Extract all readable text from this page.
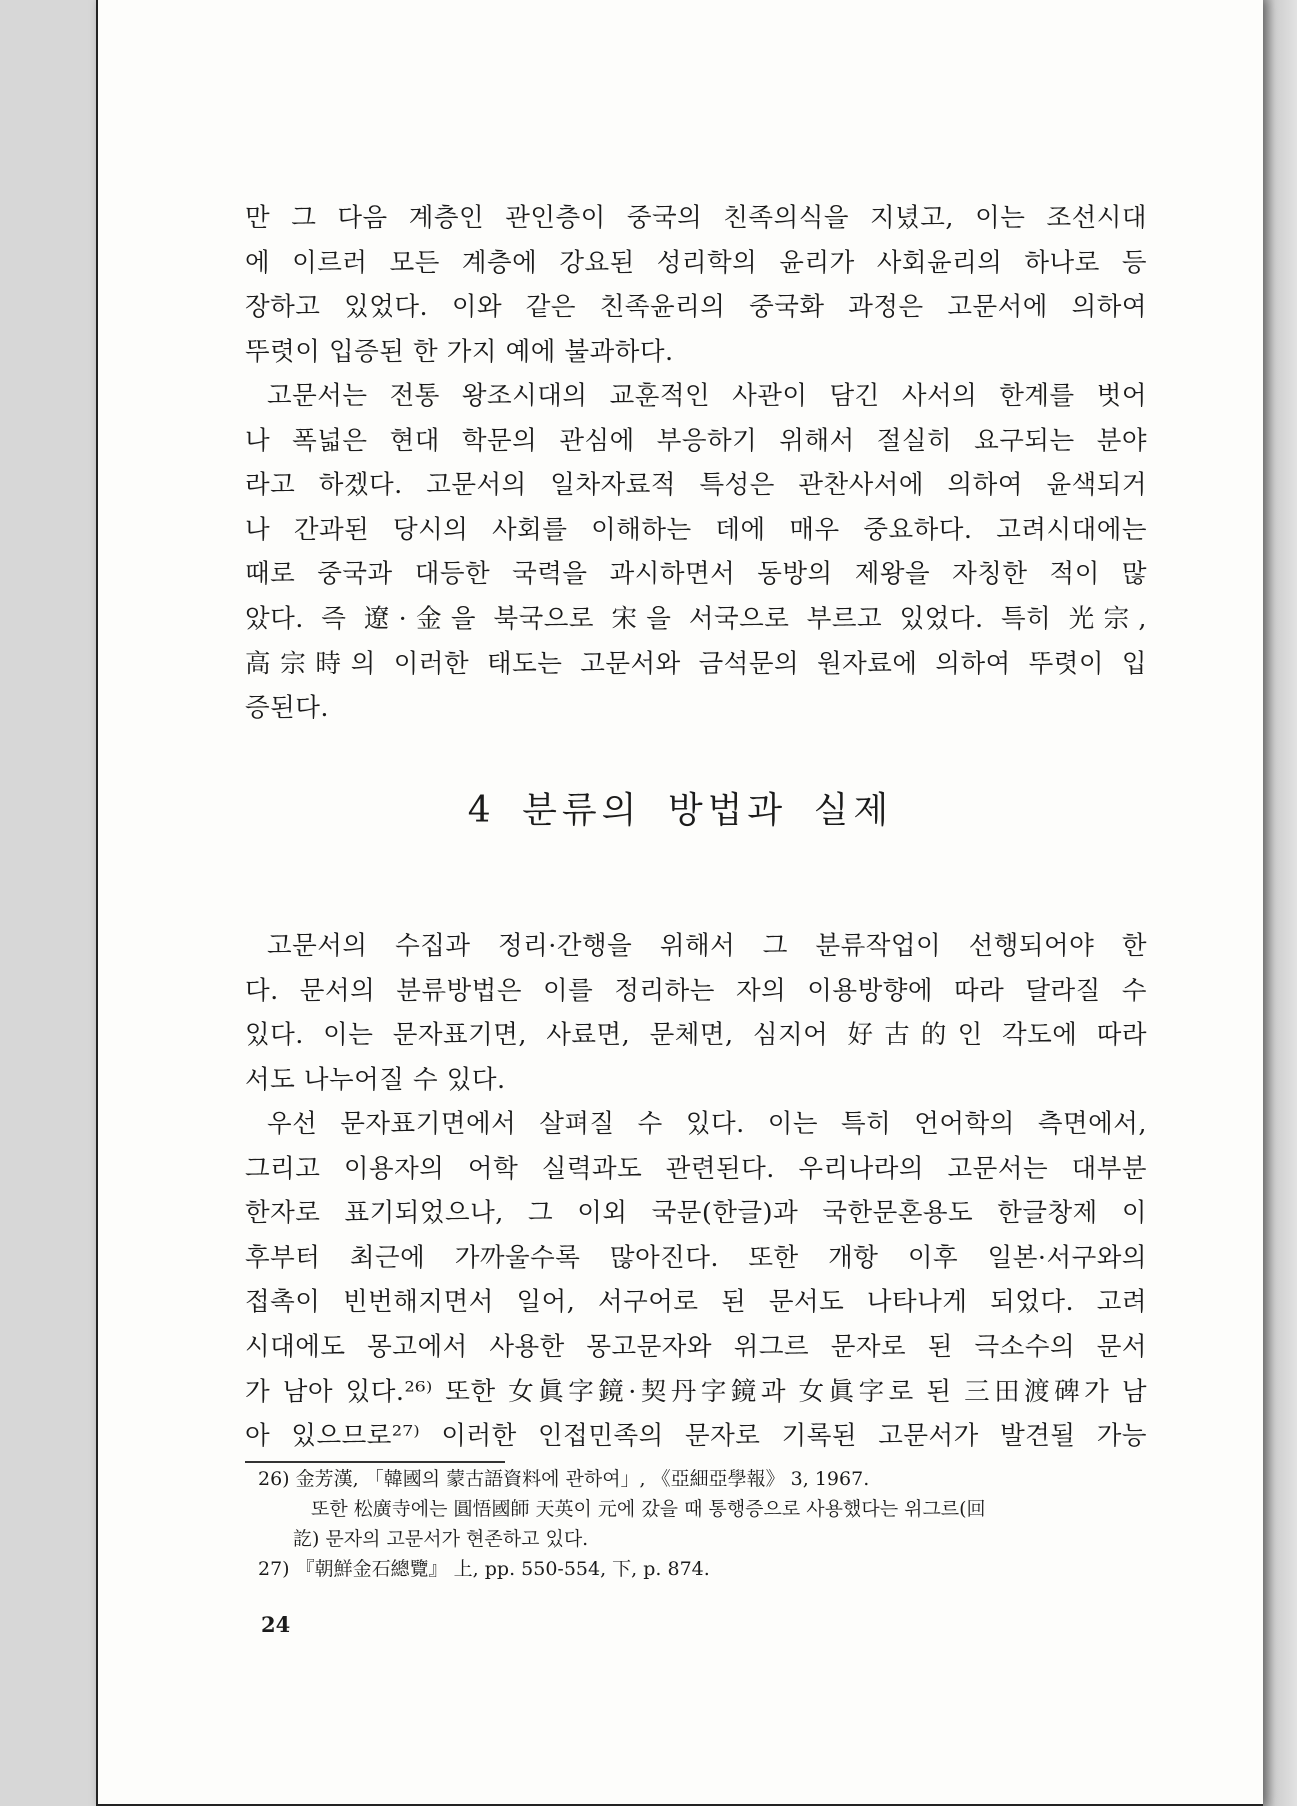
만 그 다음 계층인 관인층이 중국의 친족의식을 지녔고, 이는 조선시대
에 이르러 모든 계층에 강요된 성리학의 윤리가 사회윤리의 하나로 등
장하고 있었다. 이와 같은 친족윤리의 중국화 과정은 고문서에 의하여
뚜렷이 입증된 한 가지 예에 불과하다.
고문서는 전통 왕조시대의 교훈적인 사관이 담긴 사서의 한계를 벗어
나 폭넓은 현대 학문의 관심에 부응하기 위해서 절실히 요구되는 분야
라고 하겠다. 고문서의 일차자료적 특성은 관찬사서에 의하여 윤색되거
나 간과된 당시의 사회를 이해하는 데에 매우 중요하다. 고려시대에는
때로 중국과 대등한 국력을 과시하면서 동방의 제왕을 자칭한 적이 많
았다. 즉 遼·金을 북국으로 宋을 서국으로 부르고 있었다. 특히 光宗,
高宗時의 이러한 태도는 고문서와 금석문의 원자료에 의하여 뚜렷이 입
증된다.
4 분류의 방법과 실제
고문서의 수집과 정리·간행을 위해서 그 분류작업이 선행되어야 한
다. 문서의 분류방법은 이를 정리하는 자의 이용방향에 따라 달라질 수
있다. 이는 문자표기면, 사료면, 문체면, 심지어 好古的인 각도에 따라
서도 나누어질 수 있다.
우선 문자표기면에서 살펴질 수 있다. 이는 특히 언어학의 측면에서,
그리고 이용자의 어학 실력과도 관련된다. 우리나라의 고문서는 대부분
한자로 표기되었으나, 그 이외 국문(한글)과 국한문혼용도 한글창제 이
후부터 최근에 가까울수록 많아진다. 또한 개항 이후 일본·서구와의
접촉이 빈번해지면서 일어, 서구어로 된 문서도 나타나게 되었다. 고려
시대에도 몽고에서 사용한 몽고문자와 위그르 문자로 된 극소수의 문서
가 남아 있다.²⁶⁾ 또한 女眞字鏡·契丹字鏡과 女眞字로 된 三田渡碑가 남
아 있으므로²⁷⁾ 이러한 인접민족의 문자로 기록된 고문서가 발견될 가능
26) 金芳漢, 「韓國의 蒙古語資料에 관하여」, 《亞細亞學報》 3, 1967.
또한 松廣寺에는 圓悟國師 天英이 元에 갔을 때 통행증으로 사용했다는 위그르(回
訖) 문자의 고문서가 현존하고 있다.
27) 『朝鮮金石總覽』 上, pp. 550-554, 下, p. 874.
24
